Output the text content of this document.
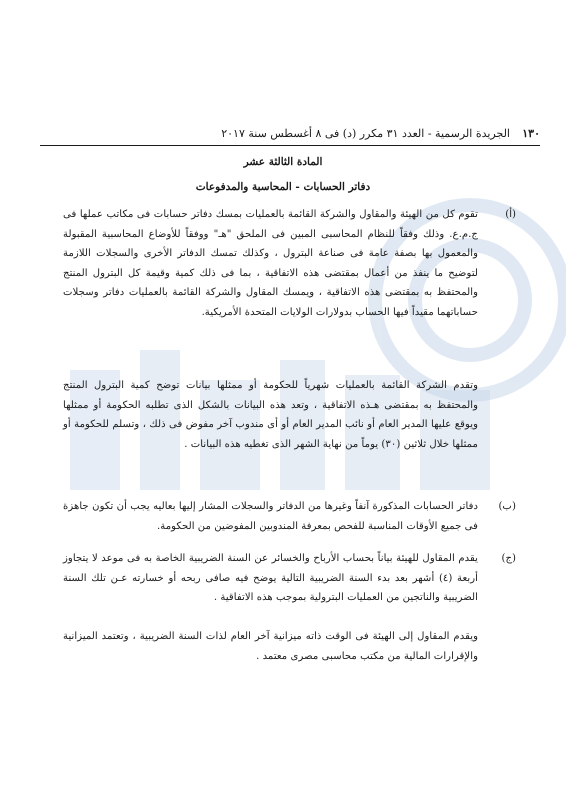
١٣٠
الجريدة الرسمية - العدد ٣١ مكرر (د) فى ٨ أغسطس سنة ٢٠١٧
المادة الثالثة عشر
دفاتر الحسابات - المحاسبة والمدفوعات
(أ)
تقوم كل من الهيئة والمقاول والشركة القائمة بالعمليات بمسك دفاتر حسابات فى مكاتب عملها فى ج.م.ع. وذلك وفقاً للنظام المحاسبى المبين فى الملحق "هـ" ووفقاً للأوضاع المحاسبية المقبولة والمعمول بها بصفة عامة فى صناعة البترول ، وكذلك تمسك الدفاتر الأخرى والسجلات اللازمة لتوضيح ما ينفذ من أعمال بمقتضى هذه الاتفاقية ، بما فى ذلك كمية وقيمة كل البترول المنتج والمحتفظ به بمقتضى هذه الاتفاقية ، ويمسك المقاول والشركة القائمة بالعمليات دفاتر وسجلات حساباتهما مقيداً فيها الحساب بدولارات الولايات المتحدة الأمريكية.
وتقدم الشركة القائمة بالعمليات شهرياً للحكومة أو ممثلها بيانات توضح كمية البترول المنتج والمحتفظ به بمقتضى هـذه الاتفاقية ، وتعد هذه البيانات بالشكل الذى تطلبه الحكومة أو ممثلها ويوقع عليها المدير العام أو نائب المدير العام أو أى مندوب آخر مفوض فى ذلك ، وتسلم للحكومة أو ممثلها خلال ثلاثين (٣٠) يوماً من نهاية الشهر الذى تغطيه هذه البيانات .
(ب)
دفاتر الحسابات المذكورة آنفاً وغيرها من الدفاتر والسجلات المشار إليها بعاليه يجب أن تكون جاهزة فى جميع الأوقات المناسبة للفحص بمعرفة المندوبين المفوضين من الحكومة.
(ج)
يقدم المقاول للهيئة بياناً بحساب الأرباح والخسائر عن السنة الضريبية الخاصة به فى موعد لا يتجاوز أربعة (٤) أشهر بعد بدء السنة الضريبية التالية يوضح فيه صافى ربحه أو خسارته عـن تلك السنة الضريبية والناتجين من العمليات البترولية بموجب هذه الاتفاقية .
ويقدم المقاول إلى الهيئة فى الوقت ذاته ميزانية آخر العام لذات السنة الضريبية ، وتعتمد الميزانية والإقرارات المالية من مكتب محاسبى مصرى معتمد .
